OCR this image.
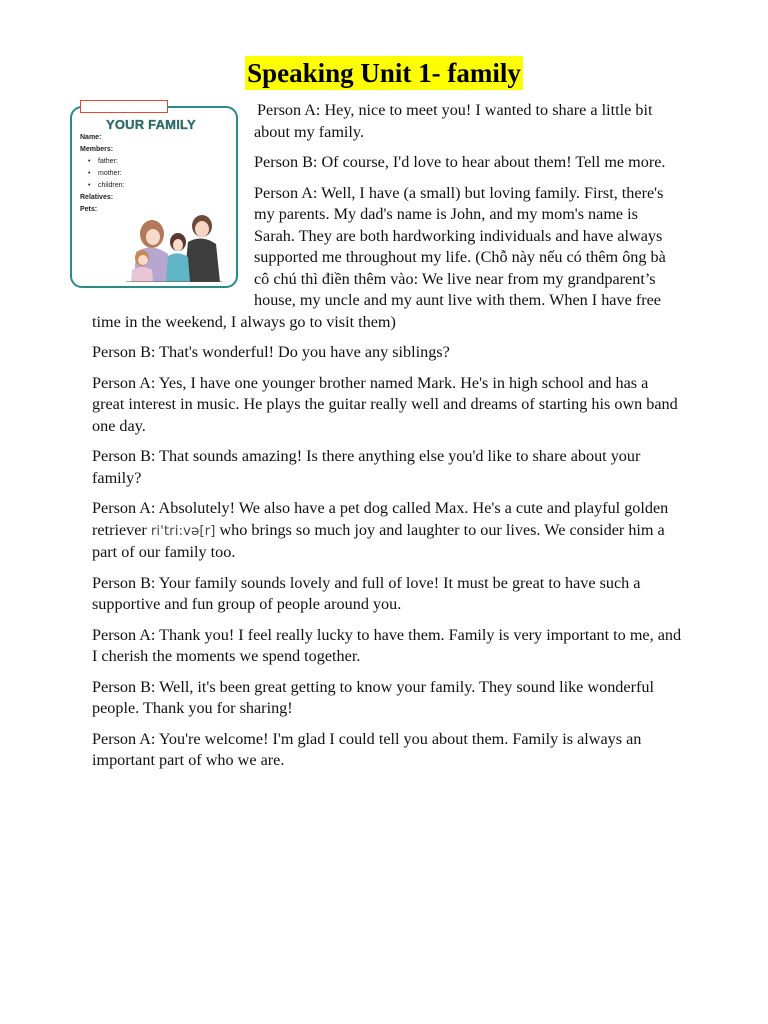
Speaking Unit 1- family
YOUR FAMILY
Name:
Members:
• father:
• mother:
• children:
Relatives:
Pets:

Person A: Hey, nice to meet you! I wanted to share a little bit about my family.

Person B: Of course, I'd love to hear about them! Tell me more.

Person A: Well, I have (a small) but loving family. First, there's my parents. My dad's name is John, and my mom's name is Sarah. They are both hardworking individuals and have always supported me throughout my life. (Chỗ này nếu có thêm ông bà cô chú thì điền thêm vào: We live near from my grandparent’s house, my uncle and my aunt live with them. When I have free time in the weekend, I always go to visit them)

Person B: That's wonderful! Do you have any siblings?

Person A: Yes, I have one younger brother named Mark. He's in high school and has a great interest in music. He plays the guitar really well and dreams of starting his own band one day.

Person B: That sounds amazing! Is there anything else you'd like to share about your family?

Person A: Absolutely! We also have a pet dog called Max. He's a cute and playful golden retriever ri'tri:və[r] who brings so much joy and laughter to our lives. We consider him a part of our family too.

Person B: Your family sounds lovely and full of love! It must be great to have such a supportive and fun group of people around you.

Person A: Thank you! I feel really lucky to have them. Family is very important to me, and I cherish the moments we spend together.

Person B: Well, it's been great getting to know your family. They sound like wonderful people. Thank you for sharing!

Person A: You're welcome! I'm glad I could tell you about them. Family is always an important part of who we are.
